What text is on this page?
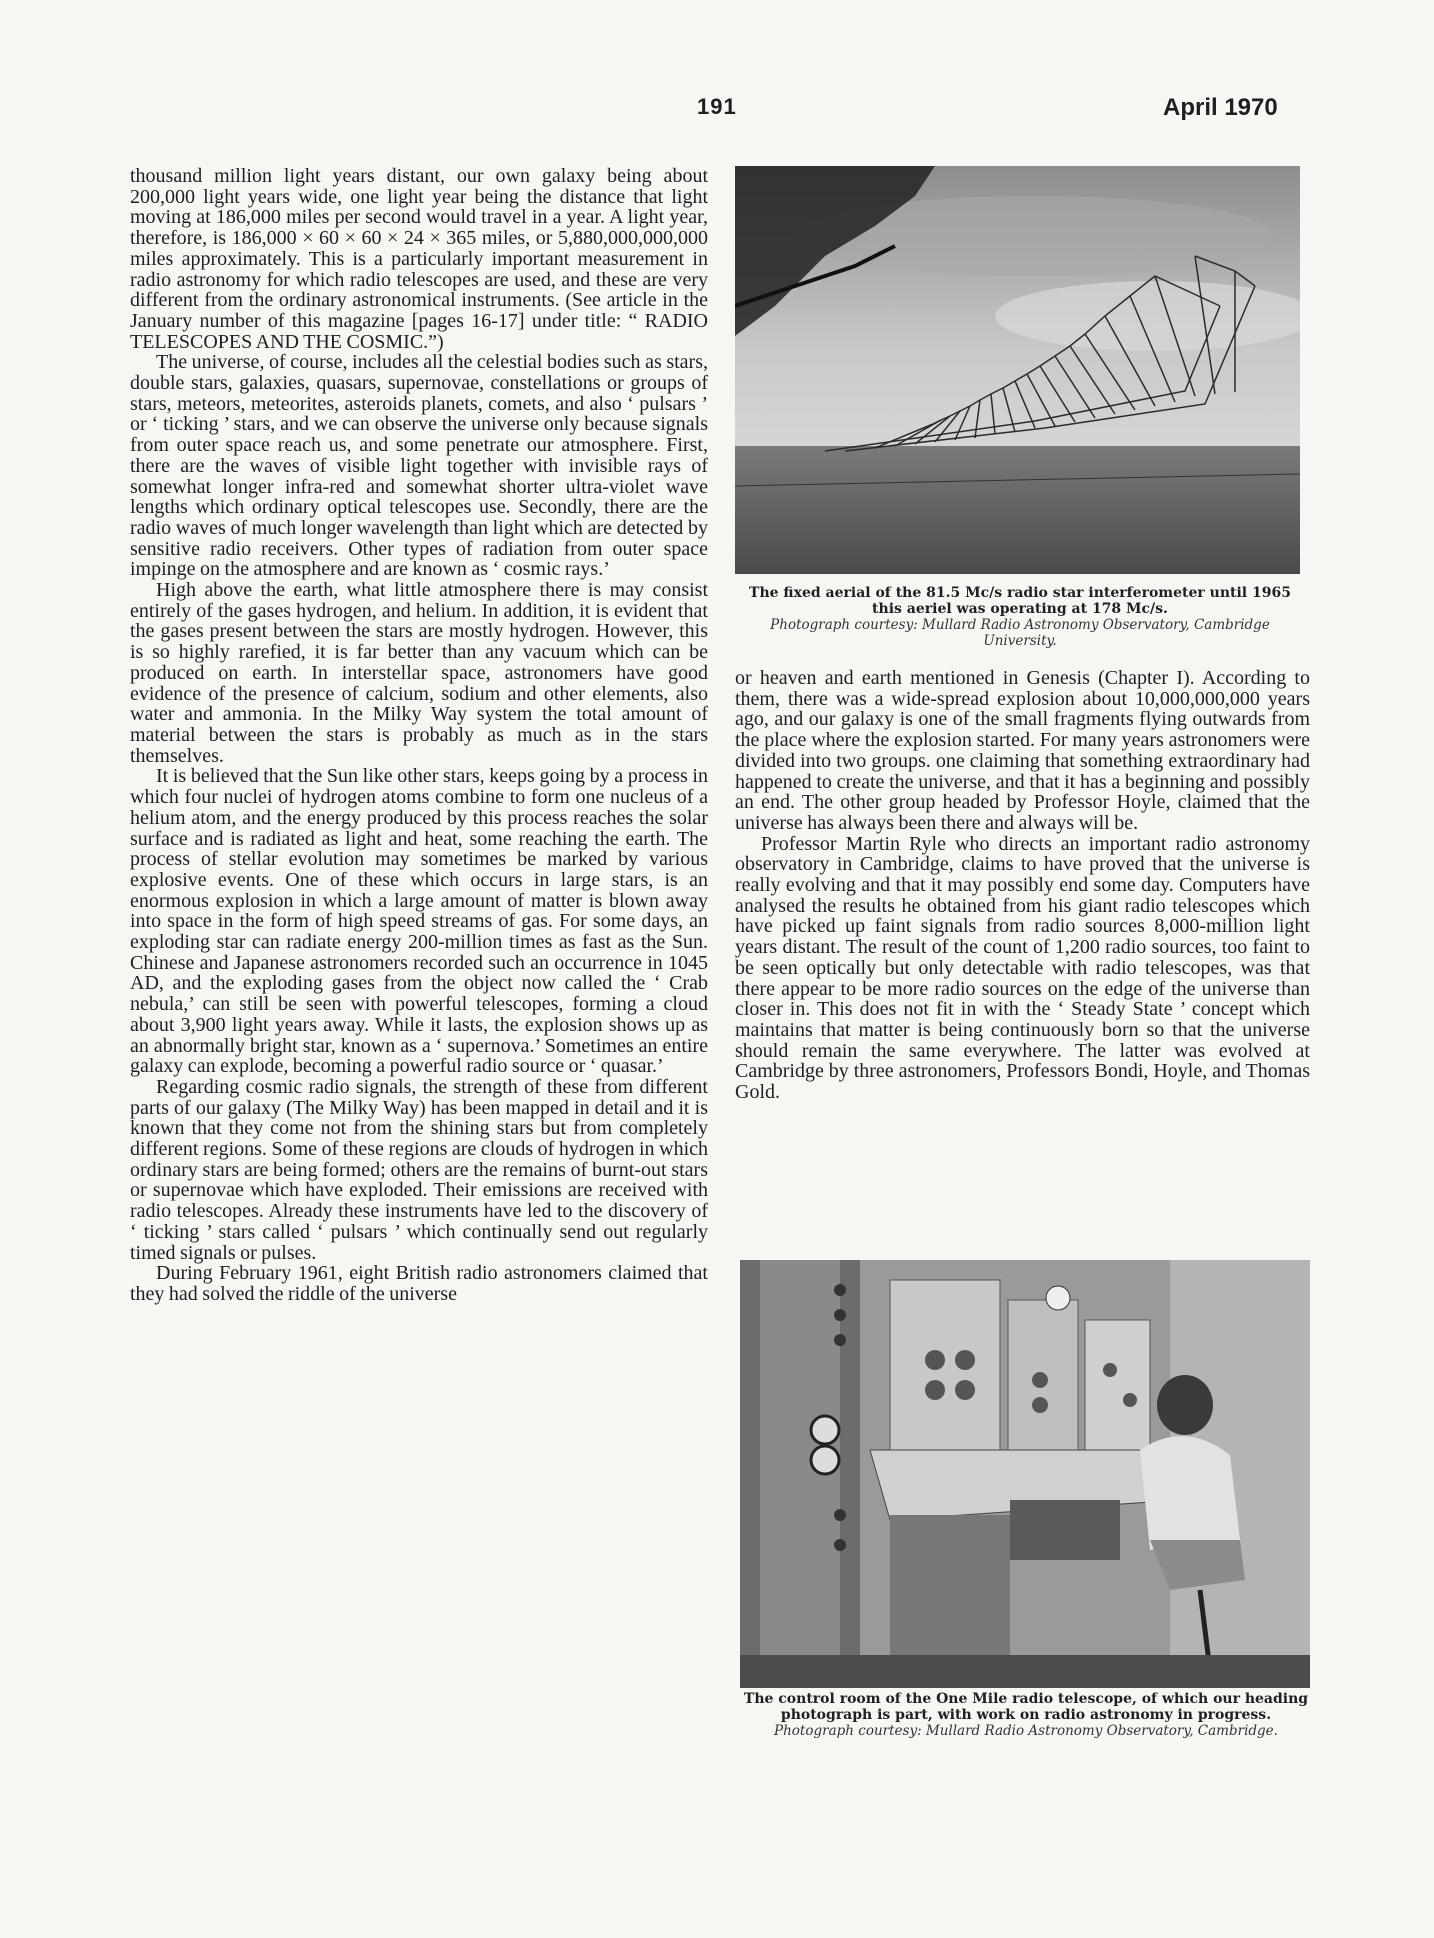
191	April 1970

thousand million light years distant, our own galaxy being about 200,000 light years wide, one light year being the distance that light moving at 186,000 miles per second would travel in a year. A light year, therefore, is 186,000 × 60 × 60 × 24 × 365 miles, or 5,880,000,000,000 miles approximately. This is a particularly important measurement in radio astronomy for which radio telescopes are used, and these are very different from the ordinary astronomical instruments. (See article in the January number of this magazine [pages 16-17] under title: “ RADIO TELESCOPES AND THE COSMIC.”)

The universe, of course, includes all the celestial bodies such as stars, double stars, galaxies, quasars, supernovae, constellations or groups of stars, meteors, meteorites, asteroids planets, comets, and also ‘ pulsars ’ or ‘ ticking ’ stars, and we can observe the universe only because signals from outer space reach us, and some penetrate our atmosphere. First, there are the waves of visible light together with invisible rays of somewhat longer infra-red and somewhat shorter ultra-violet wave lengths which ordinary optical telescopes use. Secondly, there are the radio waves of much longer wavelength than light which are detected by sensitive radio receivers. Other types of radiation from outer space impinge on the atmosphere and are known as ‘ cosmic rays.’

High above the earth, what little atmosphere there is may consist entirely of the gases hydrogen, and helium. In addition, it is evident that the gases present between the stars are mostly hydrogen. However, this is so highly rarefied, it is far better than any vacuum which can be produced on earth. In interstellar space, astronomers have good evidence of the presence of calcium, sodium and other elements, also water and ammonia. In the Milky Way system the total amount of material between the stars is probably as much as in the stars themselves.

It is believed that the Sun like other stars, keeps going by a process in which four nuclei of hydrogen atoms combine to form one nucleus of a helium atom, and the energy produced by this process reaches the solar surface and is radiated as light and heat, some reaching the earth. The process of stellar evolution may sometimes be marked by various explosive events. One of these which occurs in large stars, is an enormous explosion in which a large amount of matter is blown away into space in the form of high speed streams of gas. For some days, an exploding star can radiate energy 200-million times as fast as the Sun. Chinese and Japanese astronomers recorded such an occurrence in 1045 AD, and the exploding gases from the object now called the ‘ Crab nebula,’ can still be seen with powerful telescopes, forming a cloud about 3,900 light years away. While it lasts, the explosion shows up as an abnormally bright star, known as a ‘ supernova.’ Sometimes an entire galaxy can explode, becoming a powerful radio source or ‘ quasar.’

Regarding cosmic radio signals, the strength of these from different parts of our galaxy (The Milky Way) has been mapped in detail and it is known that they come not from the shining stars but from completely different regions. Some of these regions are clouds of hydrogen in which ordinary stars are being formed; others are the remains of burnt-out stars or supernovae which have exploded. Their emissions are received with radio telescopes. Already these instruments have led to the discovery of ‘ ticking ’ stars called ‘ pulsars ’ which continually send out regularly timed signals or pulses.

During February 1961, eight British radio astronomers claimed that they had solved the riddle of the universe

The fixed aerial of the 81.5 Mc/s radio star interferometer until 1965 this aeriel was operating at 178 Mc/s.
Photograph courtesy: Mullard Radio Astronomy Observatory, Cambridge University.

or heaven and earth mentioned in Genesis (Chapter I). According to them, there was a wide-spread explosion about 10,000,000,000 years ago, and our galaxy is one of the small fragments flying outwards from the place where the explosion started. For many years astronomers were divided into two groups. one claiming that something extraordinary had happened to create the universe, and that it has a beginning and possibly an end. The other group headed by Professor Hoyle, claimed that the universe has always been there and always will be.

Professor Martin Ryle who directs an important radio astronomy observatory in Cambridge, claims to have proved that the universe is really evolving and that it may possibly end some day. Computers have analysed the results he obtained from his giant radio telescopes which have picked up faint signals from radio sources 8,000-million light years distant. The result of the count of 1,200 radio sources, too faint to be seen optically but only detectable with radio telescopes, was that there appear to be more radio sources on the edge of the universe than closer in. This does not fit in with the ‘ Steady State ’ concept which maintains that matter is being continuously born so that the universe should remain the same everywhere. The latter was evolved at Cambridge by three astronomers, Professors Bondi, Hoyle, and Thomas Gold.

The control room of the One Mile radio telescope, of which our heading photograph is part, with work on radio astronomy in progress.
Photograph courtesy: Mullard Radio Astronomy Observatory, Cambridge.
